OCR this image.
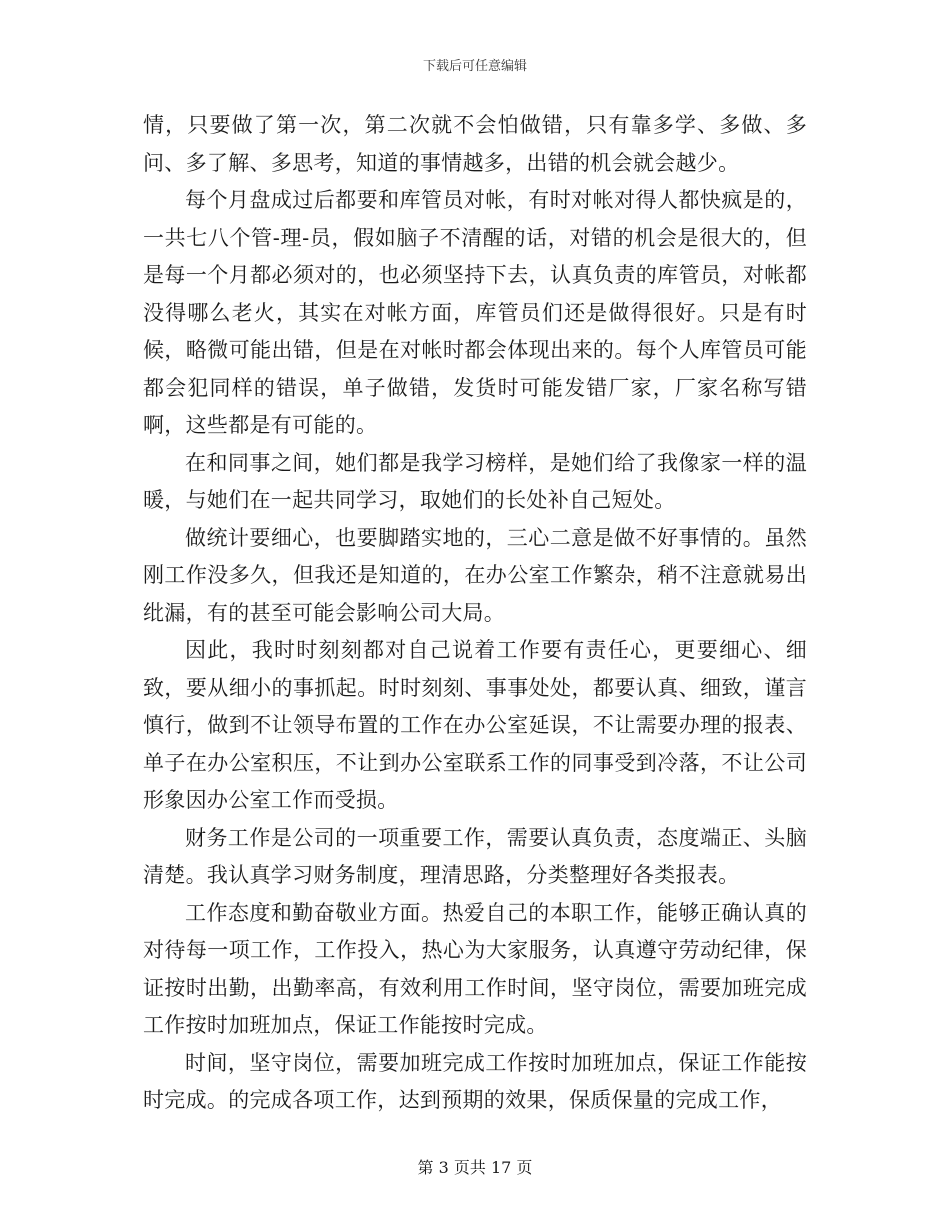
下载后可任意编辑

情，只要做了第一次，第二次就不会怕做错，只有靠多学、多做、多问、多了解、多思考，知道的事情越多，出错的机会就会越少。

每个月盘成过后都要和库管员对帐，有时对帐对得人都快疯是的，一共七八个管-理-员，假如脑子不清醒的话，对错的机会是很大的，但是每一个月都必须对的，也必须坚持下去，认真负责的库管员，对帐都没得哪么老火，其实在对帐方面，库管员们还是做得很好。只是有时候，略微可能出错，但是在对帐时都会体现出来的。每个人库管员可能都会犯同样的错误，单子做错，发货时可能发错厂家，厂家名称写错啊，这些都是有可能的。

在和同事之间，她们都是我学习榜样，是她们给了我像家一样的温暖，与她们在一起共同学习，取她们的长处补自己短处。

做统计要细心，也要脚踏实地的，三心二意是做不好事情的。虽然刚工作没多久，但我还是知道的，在办公室工作繁杂，稍不注意就易出纰漏，有的甚至可能会影响公司大局。

因此，我时时刻刻都对自己说着工作要有责任心，更要细心、细致，要从细小的事抓起。时时刻刻、事事处处，都要认真、细致，谨言慎行，做到不让领导布置的工作在办公室延误，不让需要办理的报表、单子在办公室积压，不让到办公室联系工作的同事受到冷落，不让公司形象因办公室工作而受损。

财务工作是公司的一项重要工作，需要认真负责，态度端正、头脑清楚。我认真学习财务制度，理清思路，分类整理好各类报表。

工作态度和勤奋敬业方面。热爱自己的本职工作，能够正确认真的对待每一项工作，工作投入，热心为大家服务，认真遵守劳动纪律，保证按时出勤，出勤率高，有效利用工作时间，坚守岗位，需要加班完成工作按时加班加点，保证工作能按时完成。

时间，坚守岗位，需要加班完成工作按时加班加点，保证工作能按时完成。的完成各项工作，达到预期的效果，保质保量的完成工作，

第 3 页共 17 页
